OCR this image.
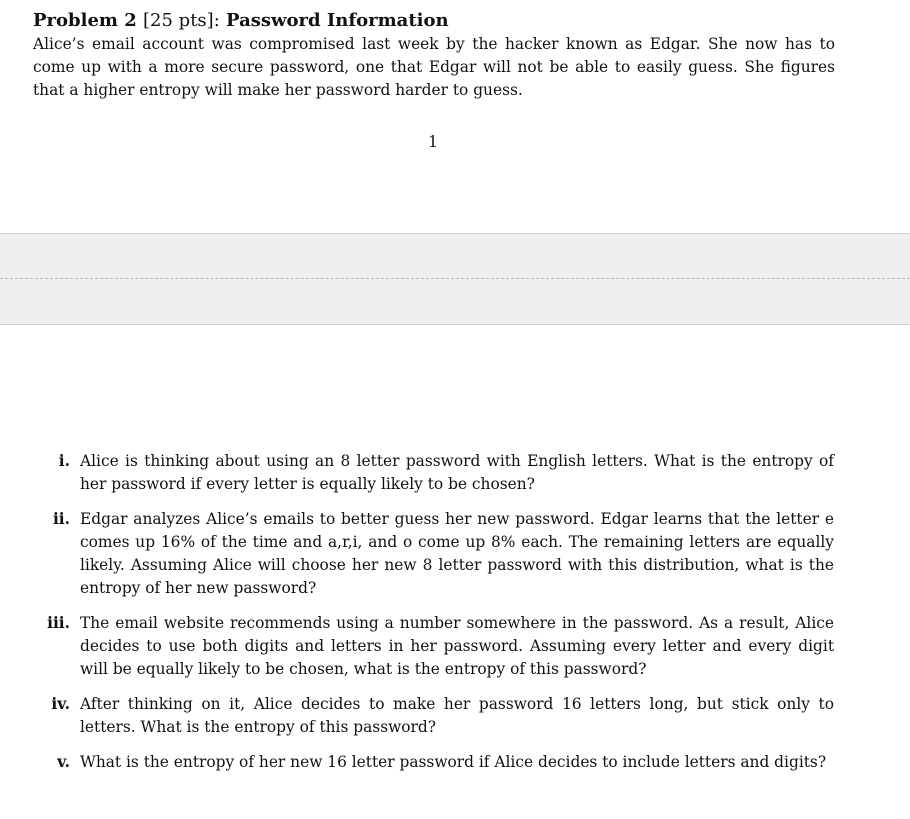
Problem 2 [25 pts]: Password Information

Alice’s email account was compromised last week by the hacker known as Edgar. She now has to come up with a more secure password, one that Edgar will not be able to easily guess. She figures that a higher entropy will make her password harder to guess.

1
i. Alice is thinking about using an 8 letter password with English letters. What is the entropy of her password if every letter is equally likely to be chosen?
ii. Edgar analyzes Alice’s emails to better guess her new password. Edgar learns that the letter e comes up 16% of the time and a,r,i, and o come up 8% each. The remaining letters are equally likely. Assuming Alice will choose her new 8 letter password with this distribution, what is the entropy of her new password?
iii. The email website recommends using a number somewhere in the password. As a result, Alice decides to use both digits and letters in her password. Assuming every letter and every digit will be equally likely to be chosen, what is the entropy of this password?
iv. After thinking on it, Alice decides to make her password 16 letters long, but stick only to letters. What is the entropy of this password?
v. What is the entropy of her new 16 letter password if Alice decides to include letters and digits?
